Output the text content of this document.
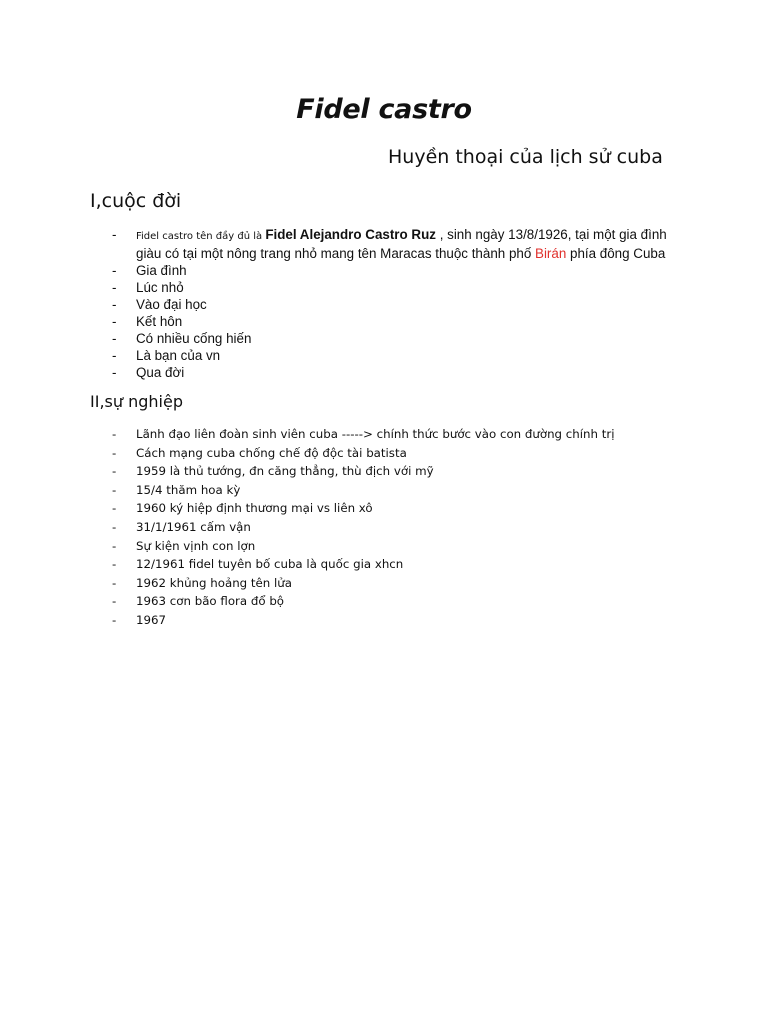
Fidel castro
Huyền thoại của lịch sử cuba
I,cuộc đời
- Fidel castro tên đầy đủ là Fidel Alejandro Castro Ruz , sinh ngày 13/8/1926, tại một gia đình giàu có tại một nông trang nhỏ mang tên Maracas thuộc thành phố Birán phía đông Cuba
- Gia đình
- Lúc nhỏ
- Vào đại học
- Kết hôn
- Có nhiều cống hiến
- Là bạn của vn
- Qua đời
II,sự nghiệp
- Lãnh đạo liên đoàn sinh viên cuba -----> chính thức bước vào con đường chính trị
- Cách mạng cuba chống chế độ độc tài batista
- 1959 là thủ tướng, đn căng thẳng, thù địch với mỹ
- 15/4 thăm hoa kỳ
- 1960 ký hiệp định thương mại vs liên xô
- 31/1/1961 cấm vận
- Sự kiện vịnh con lợn
- 12/1961 fidel tuyên bố cuba là quốc gia xhcn
- 1962 khủng hoảng tên lửa
- 1963 cơn bão flora đổ bộ
- 1967
